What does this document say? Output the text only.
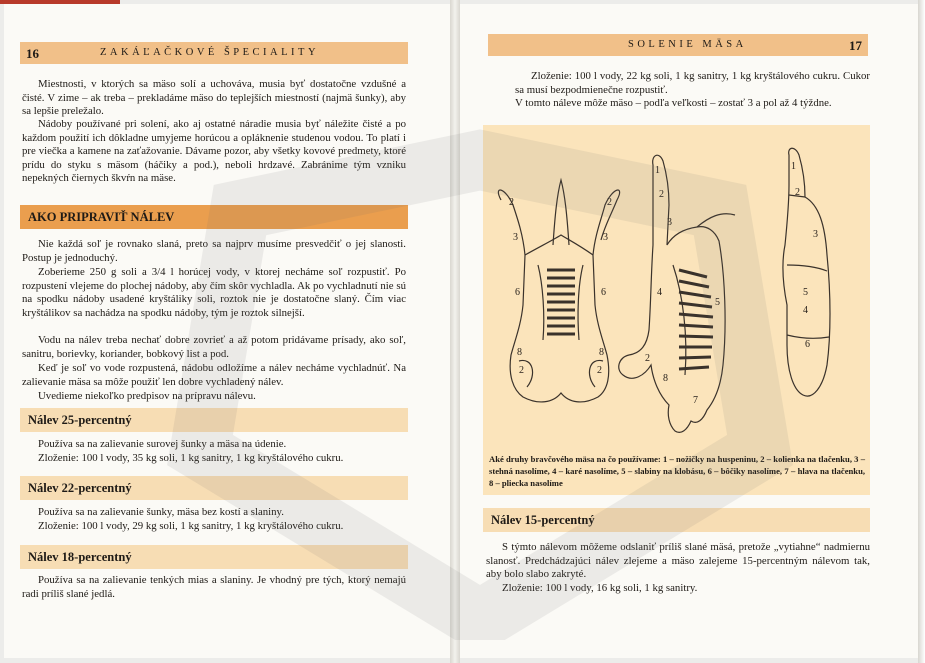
16	ZAKÁĽAČKOVÉ ŠPECIALITY

Miestnosti, v ktorých sa mäso solí a uchováva, musia byť dostatočne vzdušné a čisté. V zime – ak treba – prekladáme mäso do teplejších miestností (najmä šunky), aby sa lepšie preležalo.

Nádoby používané pri solení, ako aj ostatné náradie musia byť náležite čisté a po každom použití ich dôkladne umyjeme horúcou a opláknenie studenou vodou. To platí i pre viečka a kamene na zaťažovanie. Dávame pozor, aby všetky kovové predmety, ktoré prídu do styku s mäsom (háčiky a pod.), neboli hrdzavé. Zabránime tým vzniku nepekných čiernych škvŕn na mäse.

AKO PRIPRAVIŤ NÁLEV

Nie každá soľ je rovnako slaná, preto sa najprv musíme presvedčiť o jej slanosti. Postup je jednoduchý.

Zoberieme 250 g soli a 3/4 l horúcej vody, v ktorej necháme soľ rozpustiť. Po rozpustení vlejeme do plochej nádoby, aby čím skôr vychladla. Ak po vychladnutí nie sú na spodku nádoby usadené kryštáliky soli, roztok nie je dostatočne slaný. Čím viac kryštálikov sa nachádza na spodku nádoby, tým je roztok silnejší.

Vodu na nálev treba nechať dobre zovrieť a až potom pridávame prísady, ako soľ, sanitru, borievky, koriander, bobkový list a pod.

Keď je soľ vo vode rozpustená, nádobu odložíme a nálev necháme vychladnúť. Na zalievanie mäsa sa môže použiť len dobre vychladený nálev.

Uvedieme niekoľko predpisov na prípravu nálevu.

Nálev 25-percentný

Používa sa na zalievanie surovej šunky a mäsa na údenie.

Zloženie: 100 l vody, 35 kg soli, 1 kg sanitry, 1 kg kryštálového cukru.

Nálev 22-percentný

Používa sa na zalievanie šunky, mäsa bez kostí a slaniny.

Zloženie: 100 l vody, 29 kg soli, 1 kg sanitry, 1 kg kryštálového cukru.

Nálev 18-percentný

Používa sa na zalievanie tenkých mias a slaniny. Je vhodný pre tých, ktorý nemajú radi príliš slané jedlá.

SOLENIE MÄSA	17

Zloženie: 100 l vody, 22 kg soli, 1 kg sanitry, 1 kg kryštálového cukru. Cukor sa musí bezpodmienečne rozpustiť.

V tomto náleve môže mäso – podľa veľkosti – zostať 3 a pol až 4 týždne.

2	2
3	3
6	6
8	8
2	2
1
2
3
4
5
2
7
8
1
2
3
5
4
6

Aké druhy bravčového mäsa na čo používame: 1 – nožičky na huspeninu, 2 – kolienka na tlačenku, 3 – stehná nasolíme, 4 – karé nasolíme, 5 – slabiny na klobásu, 6 – bôčiky nasolíme, 7 – hlava na tlačenku, 8 – pliecka nasolíme

Nálev 15-percentný

S týmto nálevom môžeme odslaniť príliš slané mäsá, pretože „vytiahne“ nadmiernu slanosť. Predchádzajúci nálev zlejeme a mäso zalejeme 15-percentným nálevom tak, aby bolo slabo zakryté.

Zloženie: 100 l vody, 16 kg soli, 1 kg sanitry.
